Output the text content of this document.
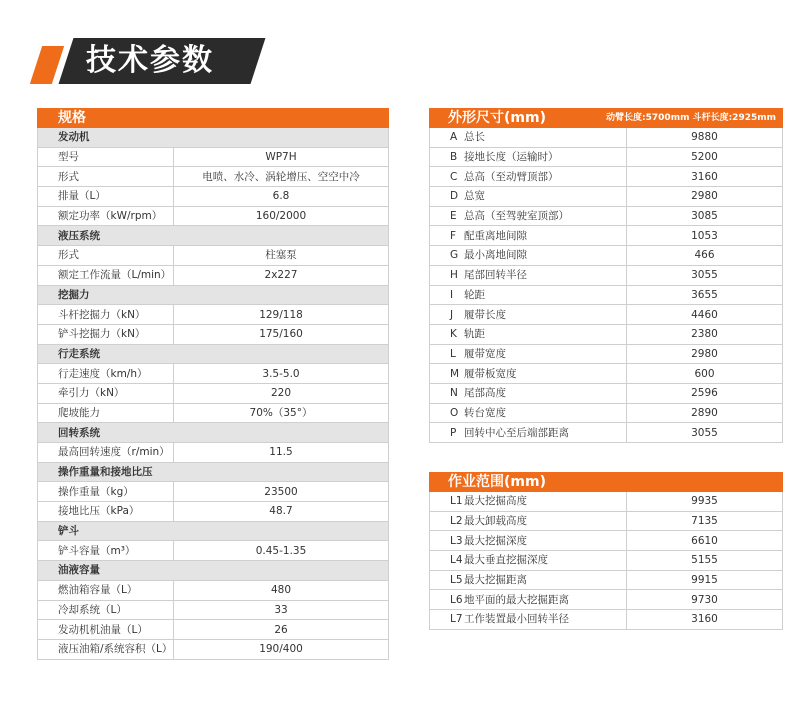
技术参数
规格	
发动机	
型号	WP7H
形式	电喷、水冷、涡轮增压、空空中冷
排量（L）	6.8
额定功率（kW/rpm）	160/2000
液压系统	
形式	柱塞泵
额定工作流量（L/min）	2x227
挖掘力	
斗杆挖掘力（kN）	129/118
铲斗挖掘力（kN）	175/160
行走系统	
行走速度（km/h）	3.5-5.0
牵引力（kN）	220
爬坡能力	70%（35°）
回转系统	
最高回转速度（r/min）	11.5
操作重量和接地比压	
操作重量（kg）	23500
接地比压（kPa）	48.7
铲斗	
铲斗容量（m³）	0.45-1.35
油液容量	
燃油箱容量（L）	480
冷却系统（L）	33
发动机机油量（L）	26
液压油箱/系统容积（L）	190/400
外形尺寸(mm) 动臂长度:5700mm 斗杆长度:2925mm	

A 总长	9880
B 接地长度（运输时）	5200
C 总高（至动臂顶部）	3160
D 总宽	2980
E 总高（至驾驶室顶部）	3085
F 配重离地间隙	1053
G 最小离地间隙	466
H 尾部回转半径	3055
I 轮距	3655
J 履带长度	4460
K 轨距	2380
L 履带宽度	2980
M 履带板宽度	600
N 尾部高度	2596
O 转台宽度	2890
P 回转中心至后端部距离	3055
作业范围(mm)	
L1最大挖掘高度	9935
L2最大卸载高度	7135
L3最大挖掘深度	6610
L4最大垂直挖掘深度	5155
L5最大挖掘距离	9915
L6地平面的最大挖掘距离	9730
L7工作装置最小回转半径	3160
